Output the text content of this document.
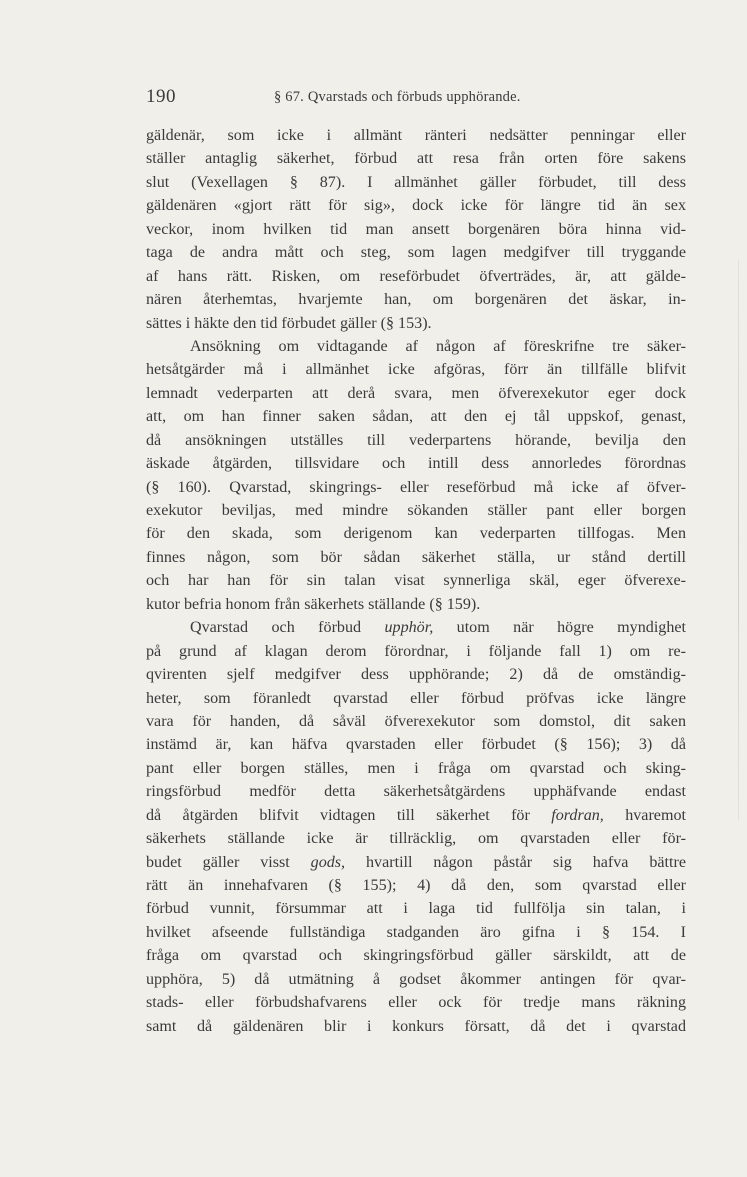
190	§ 67. Qvarstads och förbuds upphörande.
gäldenär, som icke i allmänt ränteri nedsätter penningar eller
ställer antaglig säkerhet, förbud att resa från orten före sakens
slut (Vexellagen § 87). I allmänhet gäller förbudet, till dess
gäldenären «gjort rätt för sig», dock icke för längre tid än sex
veckor, inom hvilken tid man ansett borgenären böra hinna vid-
taga de andra mått och steg, som lagen medgifver till tryggande
af hans rätt. Risken, om reseförbudet öfverträdes, är, att gälde-
nären återhemtas, hvarjemte han, om borgenären det äskar, in-
sättes i häkte den tid förbudet gäller (§ 153).
Ansökning om vidtagande af någon af föreskrifne tre säker-
hetsåtgärder må i allmänhet icke afgöras, förr än tillfälle blifvit
lemnadt vederparten att derå svara, men öfverexekutor eger dock
att, om han finner saken sådan, att den ej tål uppskof, genast,
då ansökningen utställes till vederpartens hörande, bevilja den
äskade åtgärden, tillsvidare och intill dess annorledes förordnas
(§ 160). Qvarstad, skingrings- eller reseförbud må icke af öfver-
exekutor beviljas, med mindre sökanden ställer pant eller borgen
för den skada, som derigenom kan vederparten tillfogas. Men
finnes någon, som bör sådan säkerhet ställa, ur stånd dertill
och har han för sin talan visat synnerliga skäl, eger öfverexe-
kutor befria honom från säkerhets ställande (§ 159).
Qvarstad och förbud upphör, utom när högre myndighet
på grund af klagan derom förordnar, i följande fall 1) om re-
qvirenten sjelf medgifver dess upphörande; 2) då de omständig-
heter, som föranledt qvarstad eller förbud pröfvas icke längre
vara för handen, då såväl öfverexekutor som domstol, dit saken
instämd är, kan häfva qvarstaden eller förbudet (§ 156); 3) då
pant eller borgen ställes, men i fråga om qvarstad och sking-
ringsförbud medför detta säkerhetsåtgärdens upphäfvande endast
då åtgärden blifvit vidtagen till säkerhet för fordran, hvaremot
säkerhets ställande icke är tillräcklig, om qvarstaden eller för-
budet gäller visst gods, hvartill någon påstår sig hafva bättre
rätt än innehafvaren (§ 155); 4) då den, som qvarstad eller
förbud vunnit, försummar att i laga tid fullfölja sin talan, i
hvilket afseende fullständiga stadganden äro gifna i § 154. I
fråga om qvarstad och skingringsförbud gäller särskildt, att de
upphöra, 5) då utmätning å godset åkommer antingen för qvar-
stads- eller förbudshafvarens eller ock för tredje mans räkning
samt då gäldenären blir i konkurs försatt, då det i qvarstad
